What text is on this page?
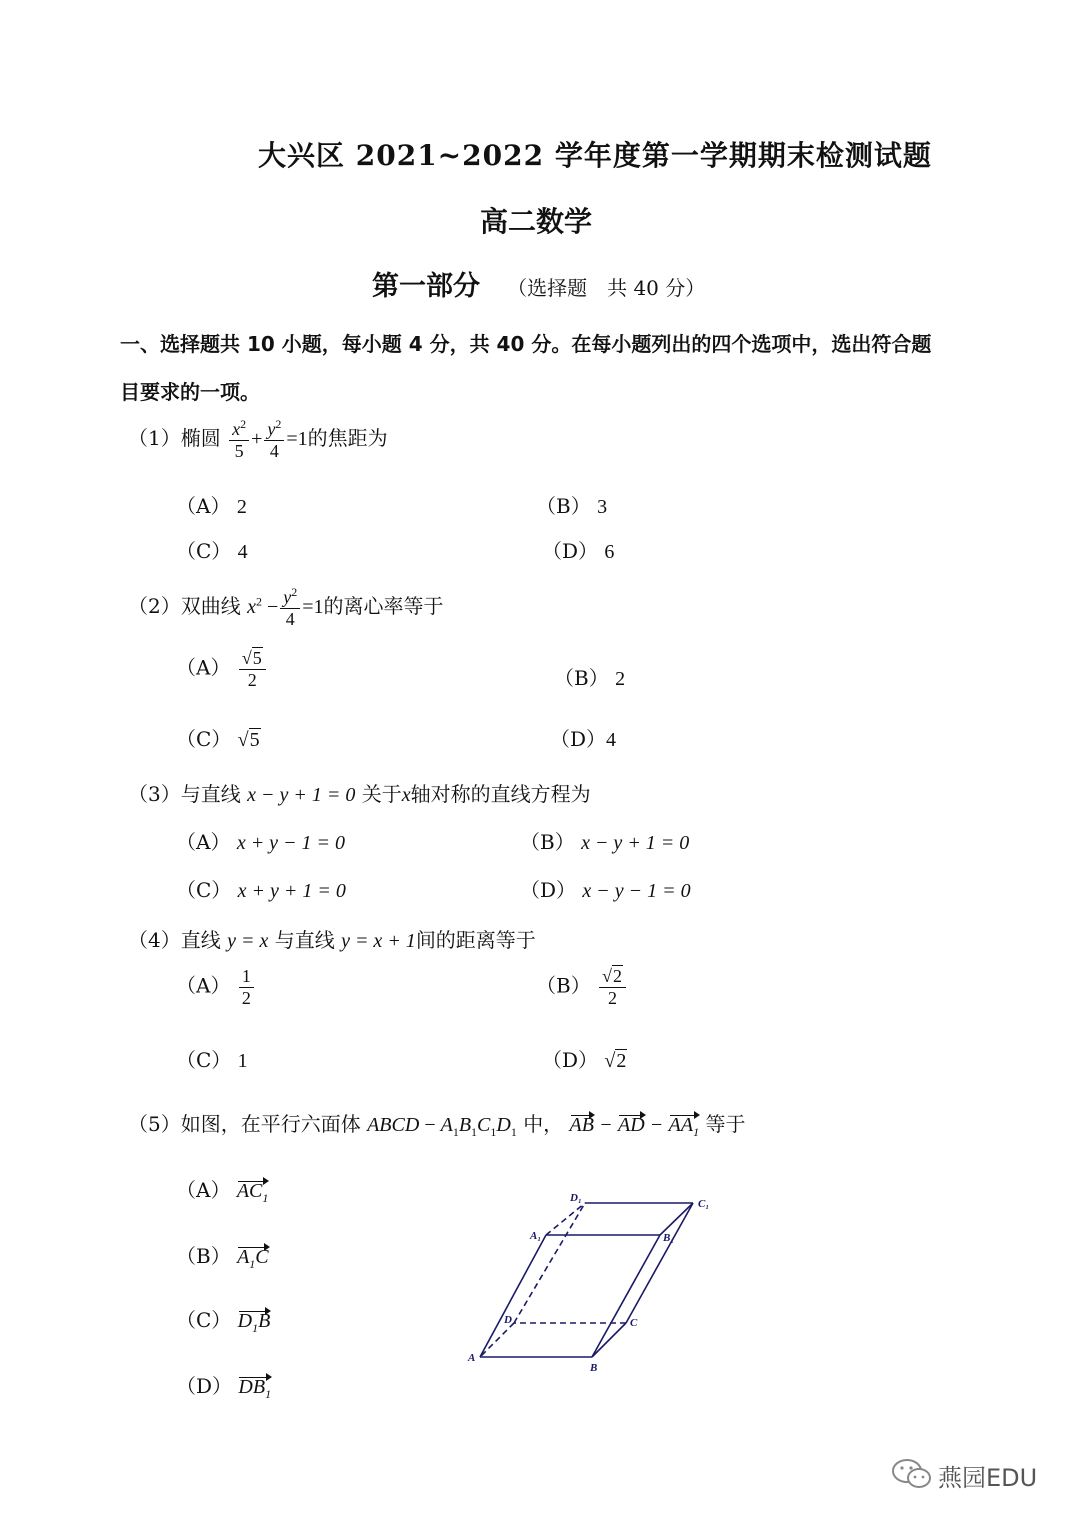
大兴区 2021~2022 学年度第一学期期末检测试题
高二数学
第一部分 （选择题　共 40 分）
一、选择题共 10 小题，每小题 4 分，共 40 分。在每小题列出的四个选项中，选出符合题
目要求的一项。
（1）椭圆 $\frac{x^2}{5} + \frac{y^2}{4} =1$的焦距为
（A） 2	（B） 3
（C） 4	（D） 6
（2）双曲线 $x^2 - \frac{y^2}{4} =1$的离心率等于
$(A) \frac{√5}{2}$	（B） 2
（C） √5	（D）4
（3）与直线 x − y + 1 = 0 关于x轴对称的直线方程为
（A） x + y − 1 = 0	（B） x − y + 1 = 0
（C） x + y + 1 = 0	（D） x − y − 1 = 0
（4）直线 y = x 与直线 y = x + 1间的距离等于
$(A) \frac{1}{2}$	$(B) \frac{√2}{2}$
（C） 1	（D） √2
（5）如图，在平行六面体 ABCD − $A_1B_1C_1D_1$ 中， AB − AD − $AA_1$ 等于
（A） $AC_1$
（B） $A_1C$
（C） $D_1B$
（D） $DB_1$
A
B
C
D
A₁	B₁
C₁
D₁
燕园EDU
